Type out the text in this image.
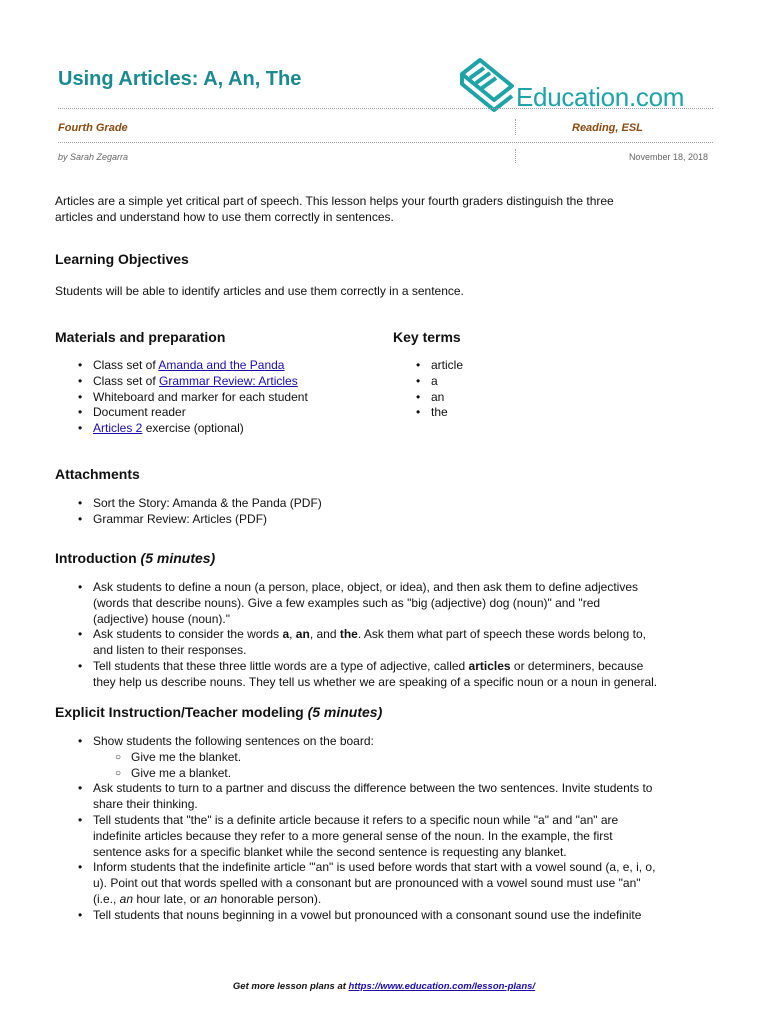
Using Articles: A, An, The
Education.com
Fourth Grade	Reading, ESL
by Sarah Zegarra	November 18, 2018
Articles are a simple yet critical part of speech. This lesson helps your fourth graders distinguish the three
articles and understand how to use them correctly in sentences.
Learning Objectives
Students will be able to identify articles and use them correctly in a sentence.
Materials and preparation
• Class set of Amanda and the Panda
• Class set of Grammar Review: Articles
• Whiteboard and marker for each student
• Document reader
• Articles 2 exercise (optional)
Key terms
• article
• a
• an
• the
Attachments
• Sort the Story: Amanda & the Panda (PDF)
• Grammar Review: Articles (PDF)
Introduction (5 minutes)
• Ask students to define a noun (a person, place, object, or idea), and then ask them to define adjectives
(words that describe nouns). Give a few examples such as "big (adjective) dog (noun)" and "red
(adjective) house (noun)."
• Ask students to consider the words a, an, and the. Ask them what part of speech these words belong to,
and listen to their responses.
• Tell students that these three little words are a type of adjective, called articles or determiners, because
they help us describe nouns. They tell us whether we are speaking of a specific noun or a noun in general.
Explicit Instruction/Teacher modeling (5 minutes)
• Show students the following sentences on the board:
○ Give me the blanket.
○ Give me a blanket.
• Ask students to turn to a partner and discuss the difference between the two sentences. Invite students to
share their thinking.
• Tell students that "the" is a definite article because it refers to a specific noun while "a" and "an" are
indefinite articles because they refer to a more general sense of the noun. In the example, the first
sentence asks for a specific blanket while the second sentence is requesting any blanket.
• Inform students that the indefinite article '"an" is used before words that start with a vowel sound (a, e, i, o,
u). Point out that words spelled with a consonant but are pronounced with a vowel sound must use "an"
(i.e., an hour late, or an honorable person).
• Tell students that nouns beginning in a vowel but pronounced with a consonant sound use the indefinite
Get more lesson plans at https://www.education.com/lesson-plans/
